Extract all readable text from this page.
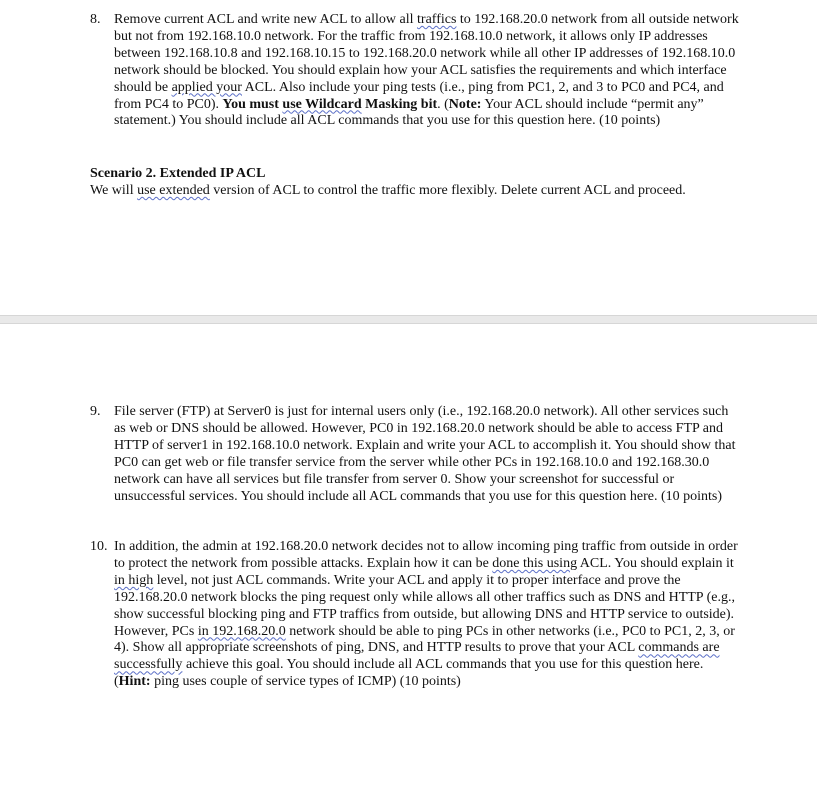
8. Remove current ACL and write new ACL to allow all traffics to 192.168.20.0 network from all outside network but not from 192.168.10.0 network. For the traffic from 192.168.10.0 network, it allows only IP addresses between 192.168.10.8 and 192.168.10.15 to 192.168.20.0 network while all other IP addresses of 192.168.10.0 network should be blocked. You should explain how your ACL satisfies the requirements and which interface should be applied your ACL. Also include your ping tests (i.e., ping from PC1, 2, and 3 to PC0 and PC4, and from PC4 to PC0). You must use Wildcard Masking bit. (Note: Your ACL should include “permit any” statement.) You should include all ACL commands that you use for this question here. (10 points)
Scenario 2. Extended IP ACL
We will use extended version of ACL to control the traffic more flexibly. Delete current ACL and proceed.
9. File server (FTP) at Server0 is just for internal users only (i.e., 192.168.20.0 network). All other services such as web or DNS should be allowed. However, PC0 in 192.168.20.0 network should be able to access FTP and HTTP of server1 in 192.168.10.0 network. Explain and write your ACL to accomplish it. You should show that PC0 can get web or file transfer service from the server while other PCs in 192.168.10.0 and 192.168.30.0 network can have all services but file transfer from server 0. Show your screenshot for successful or unsuccessful services. You should include all ACL commands that you use for this question here. (10 points)
10. In addition, the admin at 192.168.20.0 network decides not to allow incoming ping traffic from outside in order to protect the network from possible attacks. Explain how it can be done this using ACL. You should explain it in high level, not just ACL commands. Write your ACL and apply it to proper interface and prove the 192.168.20.0 network blocks the ping request only while allows all other traffics such as DNS and HTTP (e.g., show successful blocking ping and FTP traffics from outside, but allowing DNS and HTTP service to outside). However, PCs in 192.168.20.0 network should be able to ping PCs in other networks (i.e., PC0 to PC1, 2, 3, or 4). Show all appropriate screenshots of ping, DNS, and HTTP results to prove that your ACL commands are successfully achieve this goal. You should include all ACL commands that you use for this question here. (Hint: ping uses couple of service types of ICMP) (10 points)
